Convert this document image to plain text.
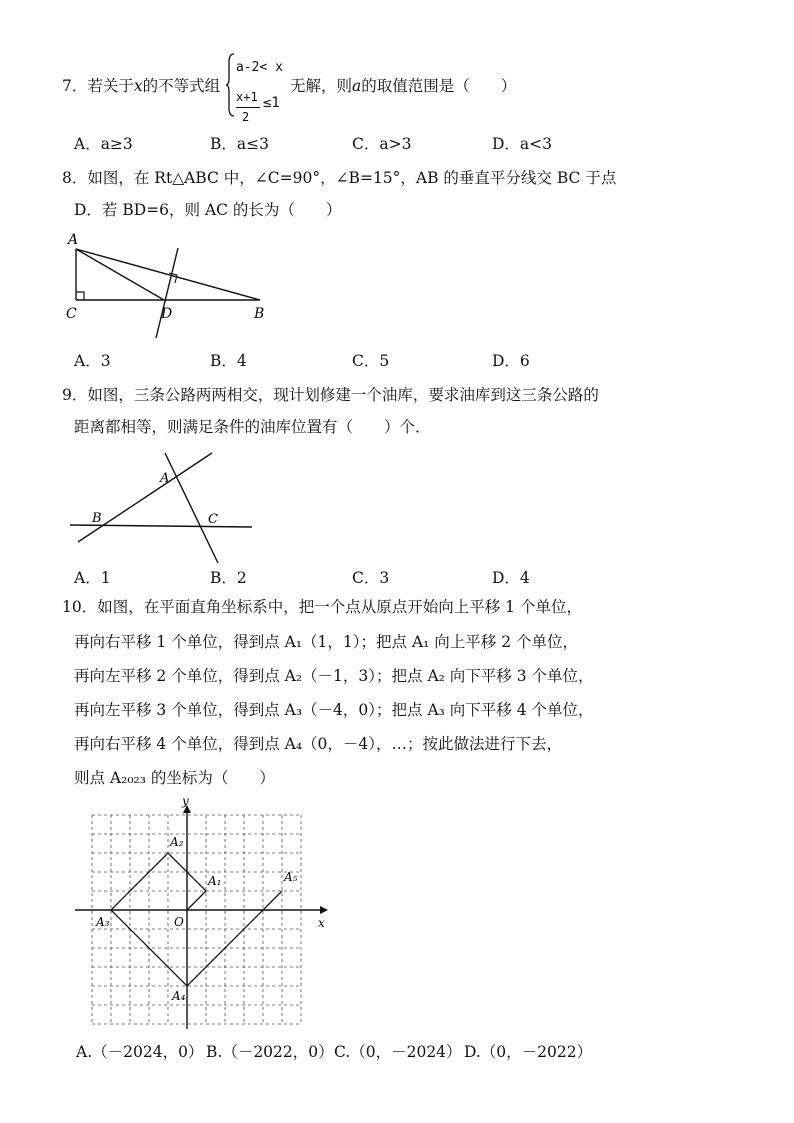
7．若关于x的不等式组
a-2< x
x+1
2
≤1
无解，则a的取值范围是（　　）
A．a≥3	B．a≤3	C．a>3	D．a<3
8．如图，在 Rt△ABC 中，∠C=90°，∠B=15°，AB 的垂直平分线交 BC 于点
D．若 BD=6，则 AC 的长为（　　）
A
C	D	B
A．3	B．4	C．5	D．6
9．如图，三条公路两两相交，现计划修建一个油库，要求油库到这三条公路的
距离都相等，则满足条件的油库位置有（　　）个．
A
B	C
A．1	B．2	C．3	D．4
10．如图，在平面直角坐标系中，把一个点从原点开始向上平移 1 个单位，
再向右平移 1 个单位，得到点 A₁（1，1）；把点 A₁ 向上平移 2 个单位，
再向左平移 2 个单位，得到点 A₂（－1，3）；把点 A₂ 向下平移 3 个单位，
再向左平移 3 个单位，得到点 A₃（－4，0）；把点 A₃ 向下平移 4 个单位，
再向右平移 4 个单位，得到点 A₄（0，－4），…；按此做法进行下去，
则点 A₂₀₂₃ 的坐标为（　　）
y
x
O
A₁
A₂
A₃
A₄
A₅
A.（－2024，0） B.（－2022，0） C.（0，－2024） D.（0，－2022）
